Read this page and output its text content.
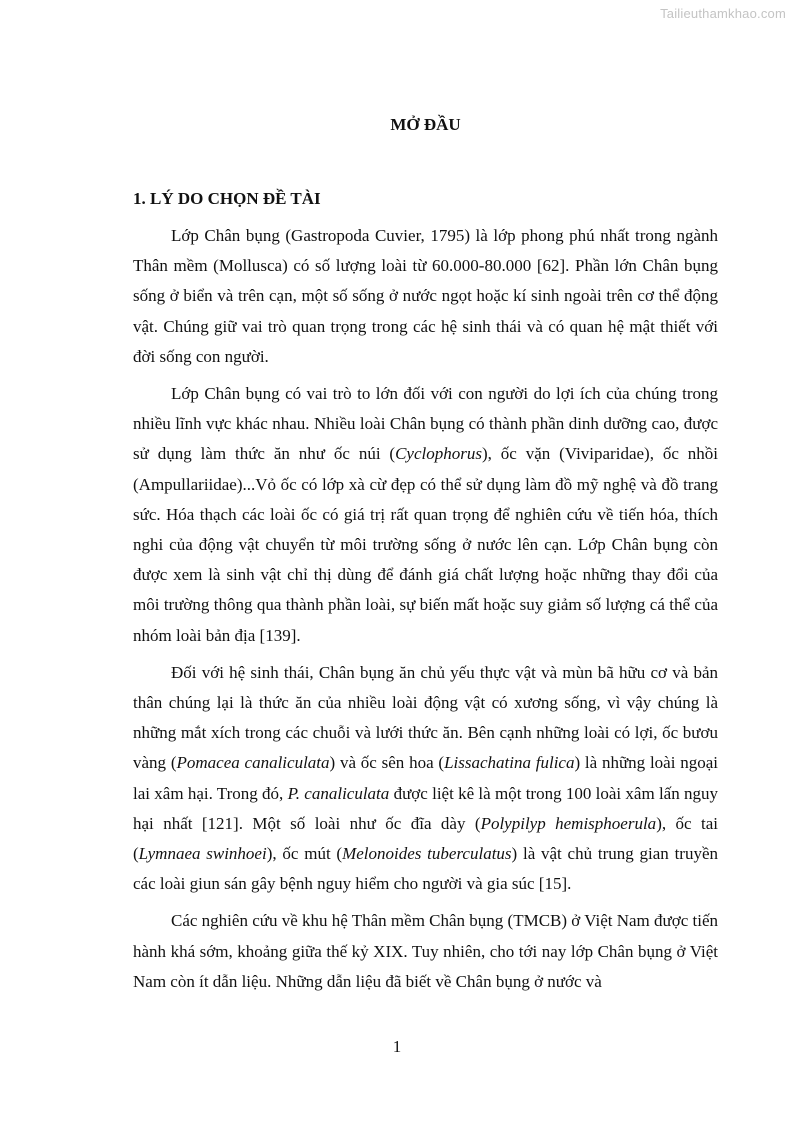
Tailieuthamkhao.com
MỞ ĐẦU
1. LÝ DO CHỌN ĐỀ TÀI

Lớp Chân bụng (Gastropoda Cuvier, 1795) là lớp phong phú nhất trong ngành Thân mềm (Mollusca) có số lượng loài từ 60.000-80.000 [62]. Phần lớn Chân bụng sống ở biển và trên cạn, một số sống ở nước ngọt hoặc kí sinh ngoài trên cơ thể động vật. Chúng giữ vai trò quan trọng trong các hệ sinh thái và có quan hệ mật thiết với đời sống con người.

Lớp Chân bụng có vai trò to lớn đối với con người do lợi ích của chúng trong nhiều lĩnh vực khác nhau. Nhiều loài Chân bụng có thành phần dinh dưỡng cao, được sử dụng làm thức ăn như ốc núi (Cyclophorus), ốc vặn (Viviparidae), ốc nhồi (Ampullariidae)...Vỏ ốc có lớp xà cừ đẹp có thể sử dụng làm đồ mỹ nghệ và đồ trang sức. Hóa thạch các loài ốc có giá trị rất quan trọng để nghiên cứu về tiến hóa, thích nghi của động vật chuyển từ môi trường sống ở nước lên cạn. Lớp Chân bụng còn được xem là sinh vật chỉ thị dùng để đánh giá chất lượng hoặc những thay đổi của môi trường thông qua thành phần loài, sự biến mất hoặc suy giảm số lượng cá thể của nhóm loài bản địa [139].

Đối với hệ sinh thái, Chân bụng ăn chủ yếu thực vật và mùn bã hữu cơ và bản thân chúng lại là thức ăn của nhiều loài động vật có xương sống, vì vậy chúng là những mắt xích trong các chuỗi và lưới thức ăn. Bên cạnh những loài có lợi, ốc bươu vàng (Pomacea canaliculata) và ốc sên hoa (Lissachatina fulica) là những loài ngoại lai xâm hại. Trong đó, P. canaliculata được liệt kê là một trong 100 loài xâm lấn nguy hại nhất [121]. Một số loài như ốc đĩa dày (Polypilyp hemisphoerula), ốc tai (Lymnaea swinhoei), ốc mút (Melonoides tuberculatus) là vật chủ trung gian truyền các loài giun sán gây bệnh nguy hiểm cho người và gia súc [15].

Các nghiên cứu về khu hệ Thân mềm Chân bụng (TMCB) ở Việt Nam được tiến hành khá sớm, khoảng giữa thế kỷ XIX. Tuy nhiên, cho tới nay lớp Chân bụng ở Việt Nam còn ít dẫn liệu. Những dẫn liệu đã biết về Chân bụng ở nước và

1
